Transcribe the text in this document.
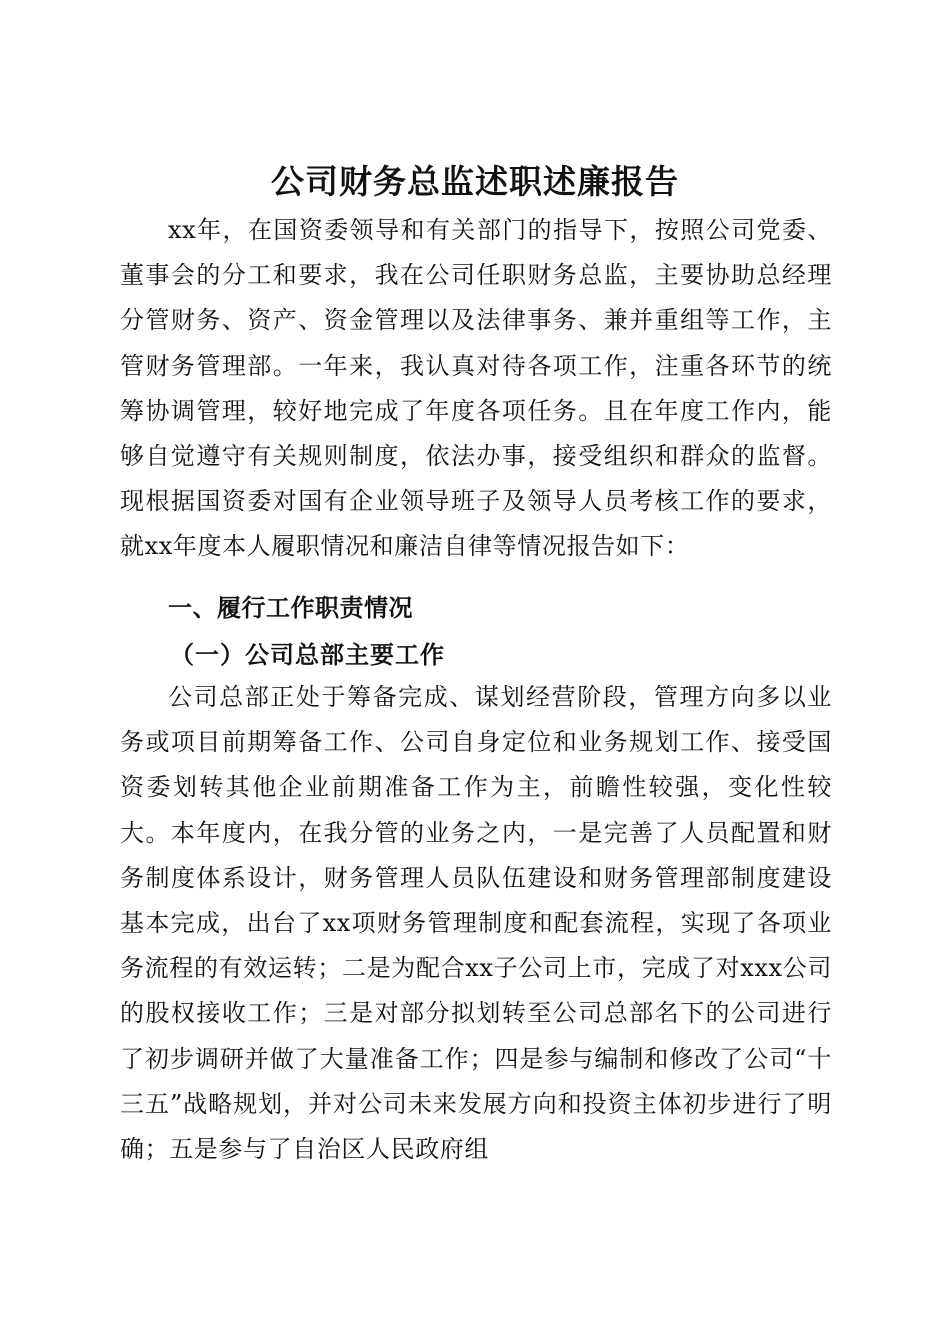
公司财务总监述职述廉报告

xx年，在国资委领导和有关部门的指导下，按照公司党委、董事会的分工和要求，我在公司任职财务总监，主要协助总经理分管财务、资产、资金管理以及法律事务、兼并重组等工作，主管财务管理部。一年来，我认真对待各项工作，注重各环节的统筹协调管理，较好地完成了年度各项任务。且在年度工作内，能够自觉遵守有关规则制度，依法办事，接受组织和群众的监督。现根据国资委对国有企业领导班子及领导人员考核工作的要求，就xx年度本人履职情况和廉洁自律等情况报告如下：

一、履行工作职责情况
（一）公司总部主要工作

公司总部正处于筹备完成、谋划经营阶段，管理方向多以业务或项目前期筹备工作、公司自身定位和业务规划工作、接受国资委划转其他企业前期准备工作为主，前瞻性较强，变化性较大。本年度内，在我分管的业务之内，一是完善了人员配置和财务制度体系设计，财务管理人员队伍建设和财务管理部制度建设基本完成，出台了xx项财务管理制度和配套流程，实现了各项业务流程的有效运转；二是为配合xx子公司上市，完成了对xxx公司的股权接收工作；三是对部分拟划转至公司总部名下的公司进行了初步调研并做了大量准备工作；四是参与编制和修改了公司“十三五”战略规划，并对公司未来发展方向和投资主体初步进行了明确；五是参与了自治区人民政府组
